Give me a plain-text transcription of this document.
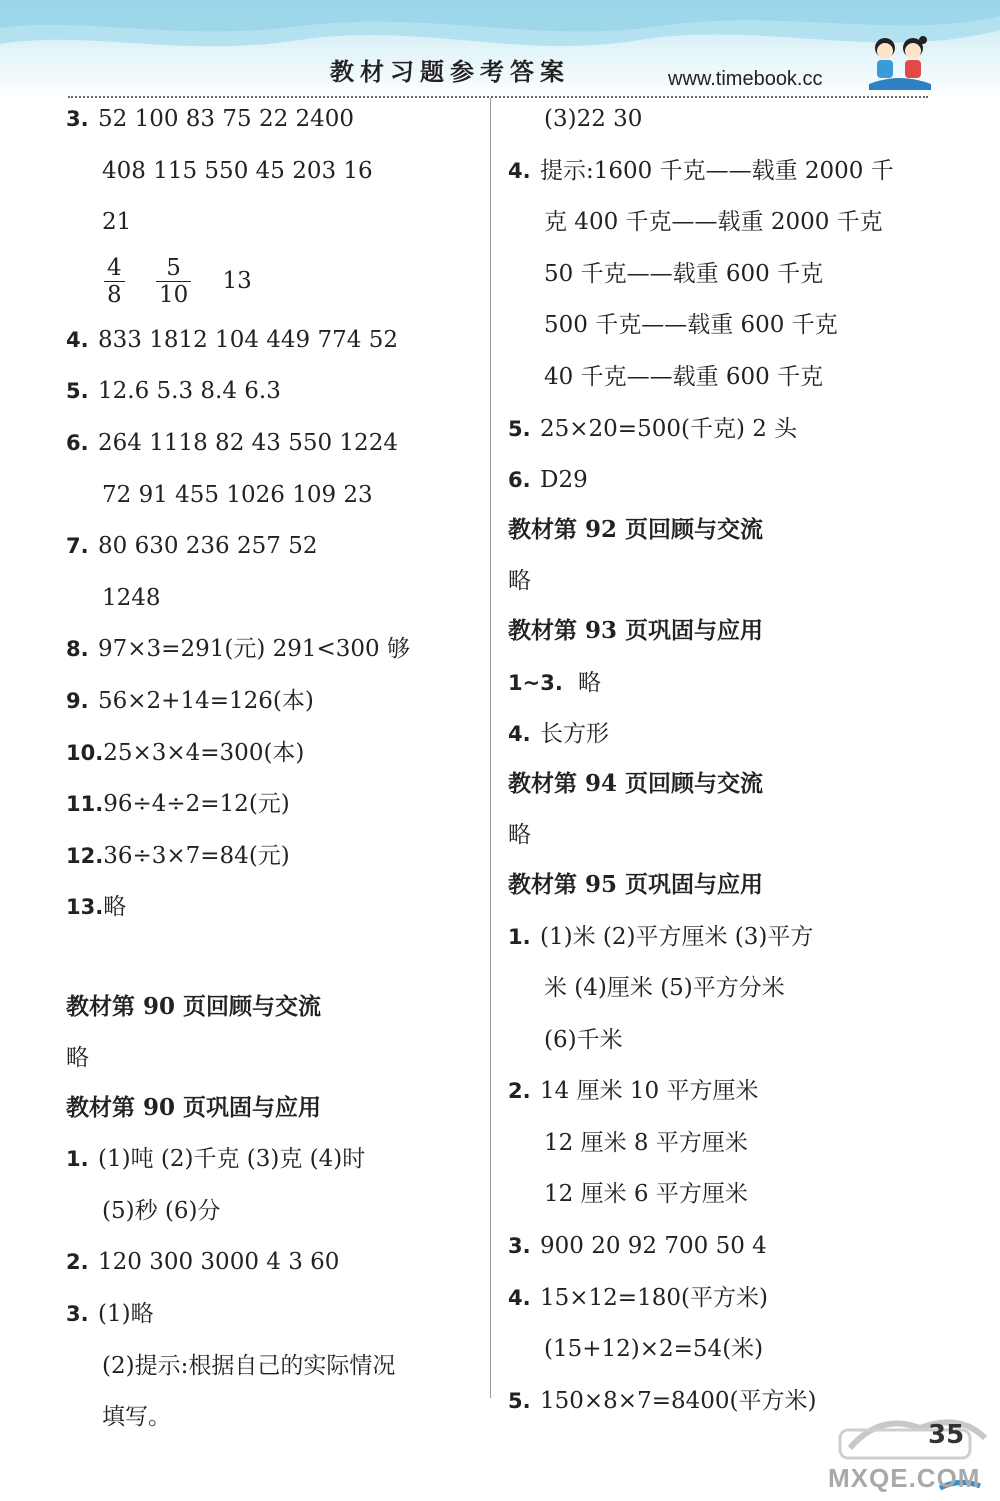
教材习题参考答案	www.timebook.cc
3. 52 100 83 75 22 2400
408 115 550 45 203 16
21
$\frac{4}{8}$
$\frac{5}{10} 13$
4. 833 1812 104 449 774 52
5. 12.6 5.3 8.4 6.3
6. 264 1118 82 43 550 1224
72 91 455 1026 109 23
7. 80 630 236 257 52
1248
8. 97×3=291(元) 291<300 够
9. 56×2+14=126(本)
10.25×3×4=300(本)
11.96÷4÷2=12(元)
12.36÷3×7=84(元)
13.略
教材第 90 页回顾与交流
略
教材第 90 页巩固与应用
1. (1)吨 (2)千克 (3)克 (4)时
(5)秒 (6)分
2. 120 300 3000 4 3 60
3. (1)略
(2)提示:根据自己的实际情况
填写。
(3)22 30
4. 提示:1600 千克——载重 2000 千
克 400 千克——载重 2000 千克
50 千克——载重 600 千克
500 千克——载重 600 千克
40 千克——载重 600 千克
5. 25×20=500(千克) 2 头
6. D29
教材第 92 页回顾与交流
略
教材第 93 页巩固与应用
1~3. 略
4. 长方形
教材第 94 页回顾与交流
略
教材第 95 页巩固与应用
1. (1)米 (2)平方厘米 (3)平方
米 (4)厘米 (5)平方分米
(6)千米
2. 14 厘米 10 平方厘米
12 厘米 8 平方厘米
12 厘米 6 平方厘米
3. 900 20 92 700 50 4
4. 15×12=180(平方米)
(15+12)×2=54(米)
5. 150×8×7=8400(平方米)
35
MXQE.COM
